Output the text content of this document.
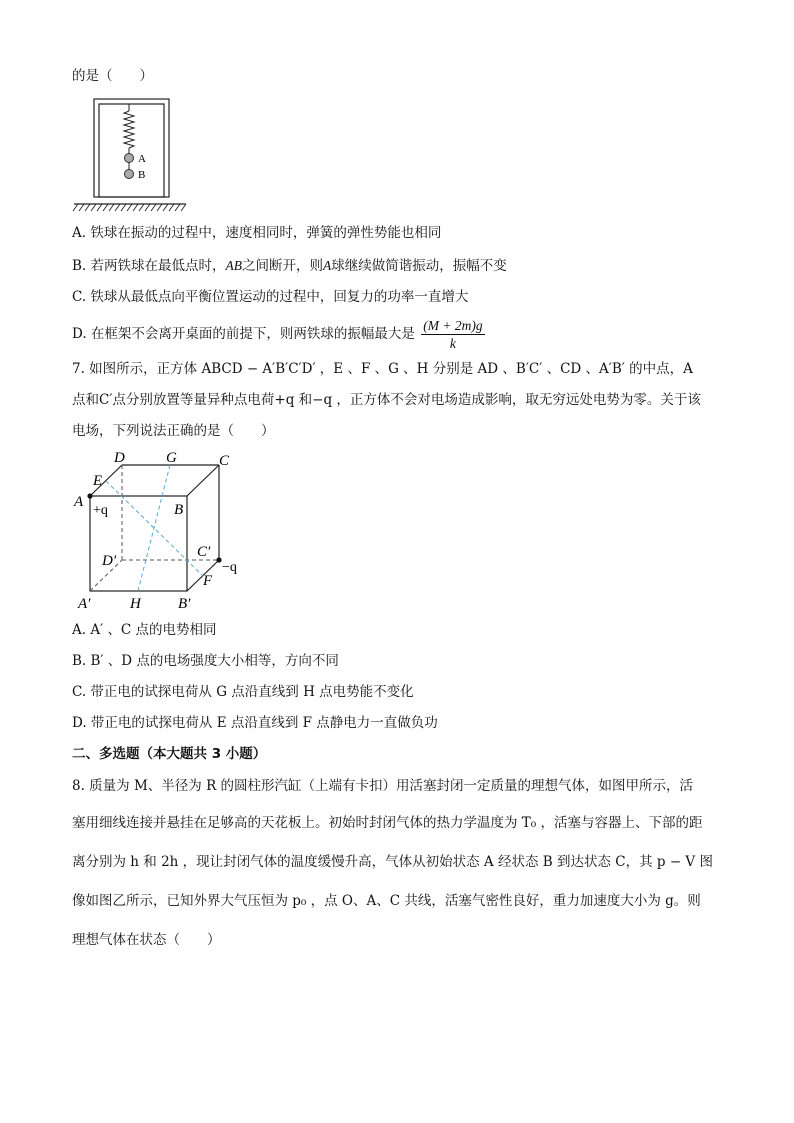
的是（　　）
A
B
A. 铁球在振动的过程中，速度相同时，弹簧的弹性势能也相同
B. 若两铁球在最低点时，AB之间断开，则A球继续做简谐振动，振幅不变
C. 铁球从最低点向平衡位置运动的过程中，回复力的功率一直增大
D. 在框架不会离开桌面的前提下，则两铁球的振幅最大是 $\frac{(M + 2m)g}{k}$
7. 如图所示，正方体 ABCD − A′B′C′D′ ，E 、F 、G 、H 分别是 AD 、B′C′ 、CD 、A′B′ 的中点，A
点和C′点分别放置等量异种点电荷+q 和−q ，正方体不会对电场造成影响，取无穷远处电势为零。关于该
电场，下列说法正确的是（　　）
D	G	C
E
A
+q	B
C′
−q
D′
F
A′	H B′
A. A′ 、C 点的电势相同
B. B′ 、D 点的电场强度大小相等，方向不同
C. 带正电的试探电荷从 G 点沿直线到 H 点电势能不变化
D. 带正电的试探电荷从 E 点沿直线到 F 点静电力一直做负功
二、多选题（本大题共 3 小题）
8. 质量为 M、半径为 R 的圆柱形汽缸（上端有卡扣）用活塞封闭一定质量的理想气体，如图甲所示，活
塞用细线连接并悬挂在足够高的天花板上。初始时封闭气体的热力学温度为 T₀ ，活塞与容器上、下部的距
离分别为 h 和 2h ，现让封闭气体的温度缓慢升高，气体从初始状态 A 经状态 B 到达状态 C，其 p − V 图
像如图乙所示，已知外界大气压恒为 p₀ ，点 O、A、C 共线，活塞气密性良好，重力加速度大小为 g。则
理想气体在状态（　　）
